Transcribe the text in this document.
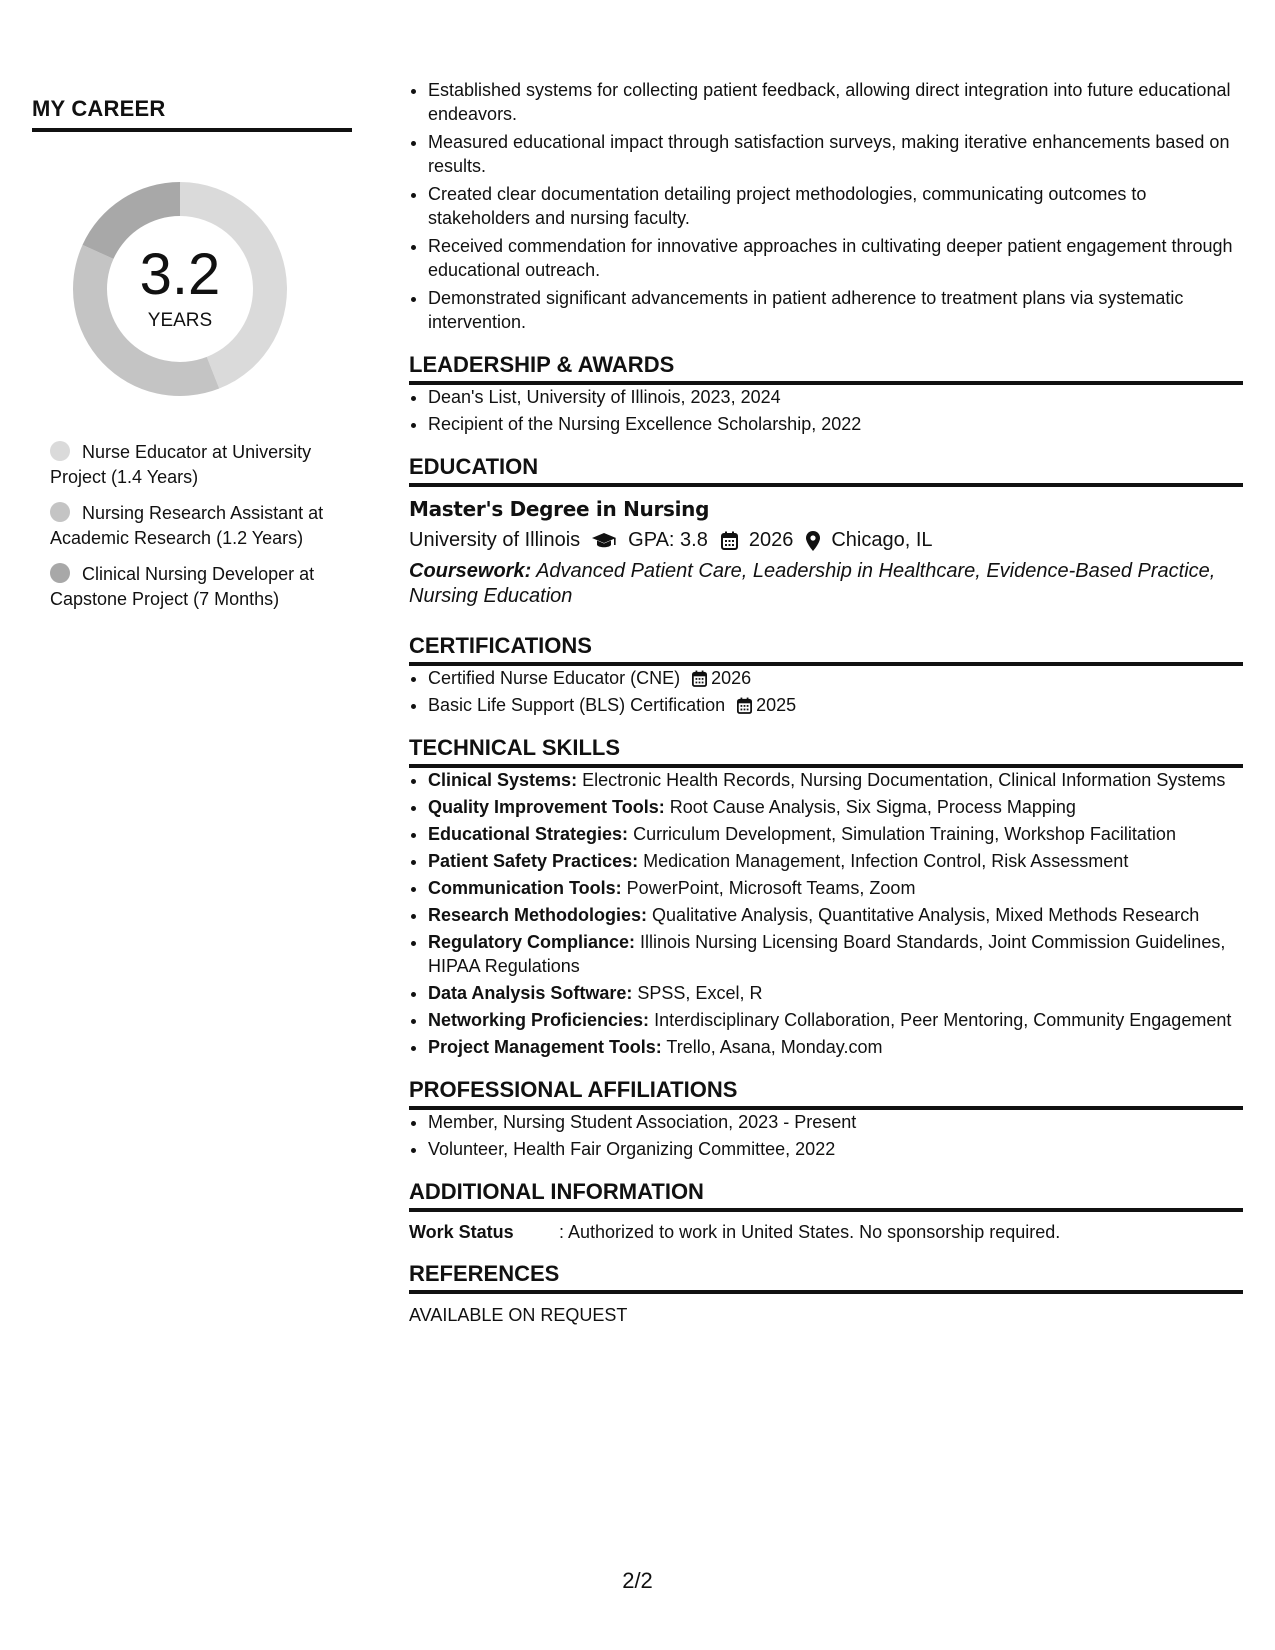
MY CAREER
3.2
YEARS
Nurse Educator at University Project (1.4 Years)
Nursing Research Assistant at Academic Research (1.2 Years)
Clinical Nursing Developer at Capstone Project (7 Months)
• Established systems for collecting patient feedback, allowing direct integration into future educational endeavors.
• Measured educational impact through satisfaction surveys, making iterative enhancements based on results.
• Created clear documentation detailing project methodologies, communicating outcomes to stakeholders and nursing faculty.
• Received commendation for innovative approaches in cultivating deeper patient engagement through educational outreach.
• Demonstrated significant advancements in patient adherence to treatment plans via systematic intervention.
LEADERSHIP & AWARDS
• Dean's List, University of Illinois, 2023, 2024
• Recipient of the Nursing Excellence Scholarship, 2022
EDUCATION
Master's Degree in Nursing
University of Illinois GPA: 3.8 2026 Chicago, IL
Coursework: Advanced Patient Care, Leadership in Healthcare, Evidence-Based Practice, Nursing Education
CERTIFICATIONS
• Certified Nurse Educator (CNE) 2026
• Basic Life Support (BLS) Certification 2025
TECHNICAL SKILLS
• Clinical Systems: Electronic Health Records, Nursing Documentation, Clinical Information Systems
• Quality Improvement Tools: Root Cause Analysis, Six Sigma, Process Mapping
• Educational Strategies: Curriculum Development, Simulation Training, Workshop Facilitation
• Patient Safety Practices: Medication Management, Infection Control, Risk Assessment
• Communication Tools: PowerPoint, Microsoft Teams, Zoom
• Research Methodologies: Qualitative Analysis, Quantitative Analysis, Mixed Methods Research
• Regulatory Compliance: Illinois Nursing Licensing Board Standards, Joint Commission Guidelines, HIPAA Regulations
• Data Analysis Software: SPSS, Excel, R
• Networking Proficiencies: Interdisciplinary Collaboration, Peer Mentoring, Community Engagement
• Project Management Tools: Trello, Asana, Monday.com
PROFESSIONAL AFFILIATIONS
• Member, Nursing Student Association, 2023 - Present
• Volunteer, Health Fair Organizing Committee, 2022
ADDITIONAL INFORMATION
Work Status	: Authorized to work in United States. No sponsorship required.
REFERENCES
AVAILABLE ON REQUEST
2/2
